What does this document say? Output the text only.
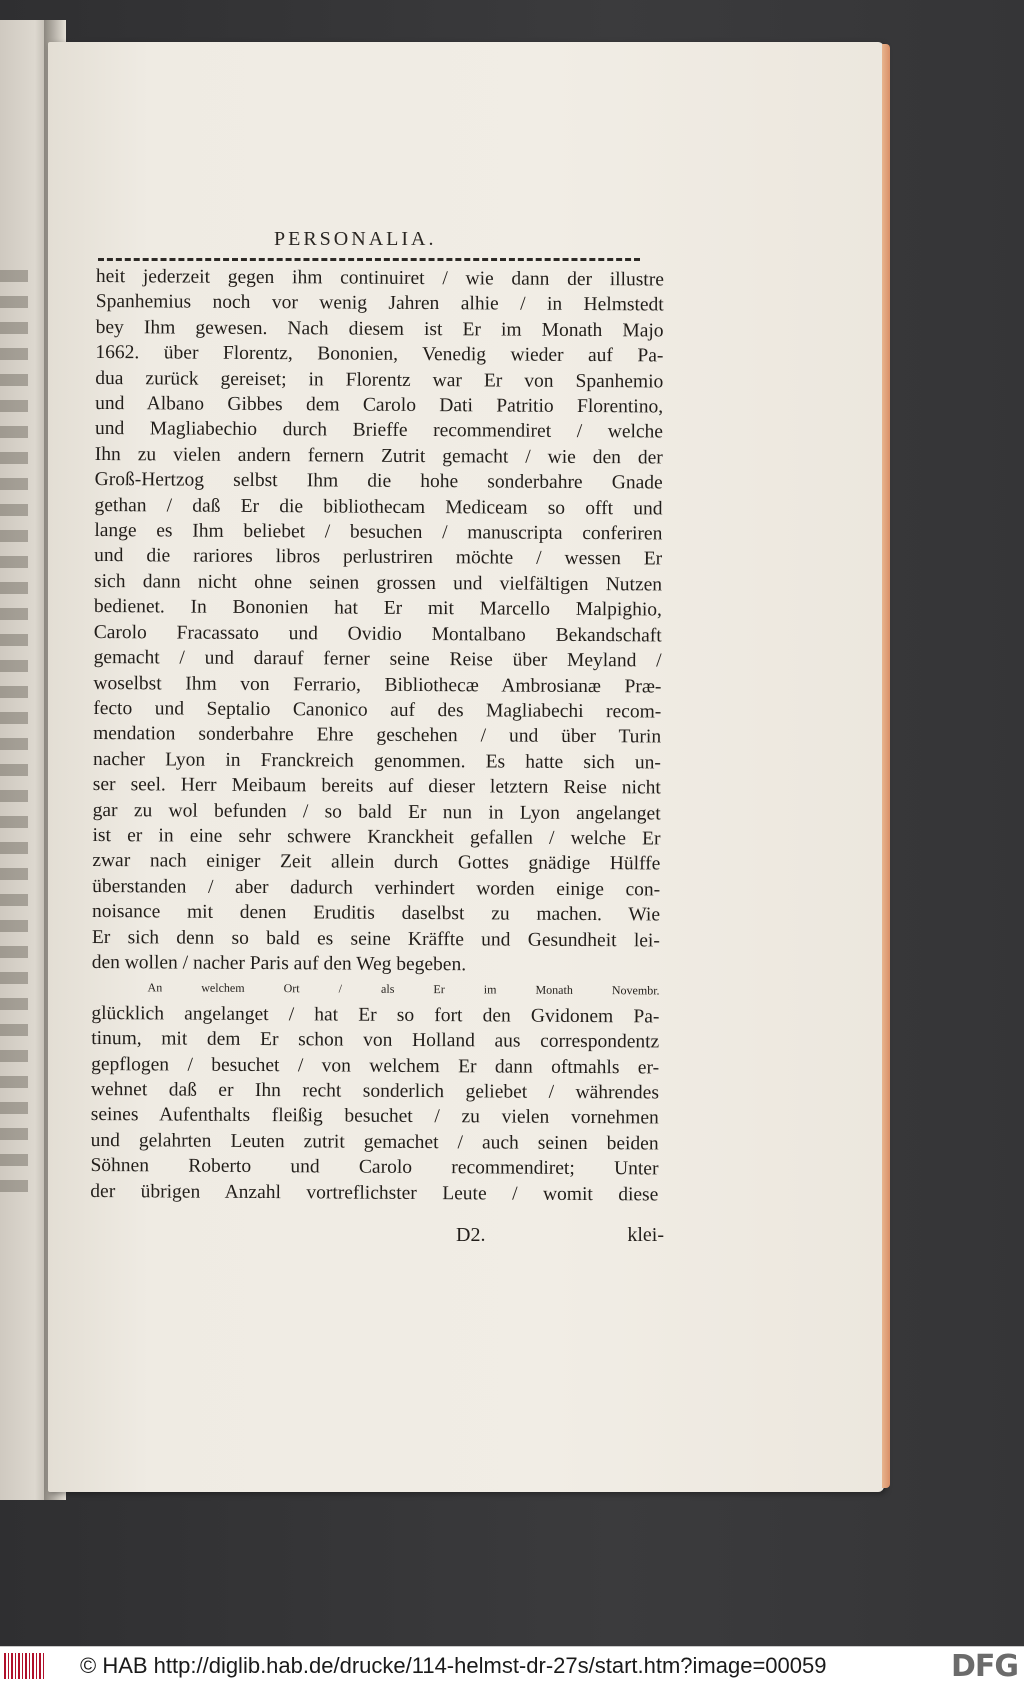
PERSONALIA.
heit jederzeit gegen ihm continuiret / wie dann der illustre
Spanhemius noch vor wenig Jahren alhie / in Helmstedt
bey Ihm gewesen. Nach diesem ist Er im Monath Majo
1662. über Florentz, Bononien, Venedig wieder auf Pa-
dua zurück gereiset; in Florentz war Er von Spanhemio
und Albano Gibbes dem Carolo Dati Patritio Florentino,
und Magliabechio durch Brieffe recommendiret / welche
Ihn zu vielen andern fernern Zutrit gemacht / wie den der
Groß-Hertzog selbst Ihm die hohe sonderbahre Gnade
gethan / daß Er die bibliothecam Mediceam so offt und
lange es Ihm beliebet / besuchen / manuscripta conferiren
und die rariores libros perlustriren möchte / wessen Er
sich dann nicht ohne seinen grossen und vielfältigen Nutzen
bedienet. In Bononien hat Er mit Marcello Malpighio,
Carolo Fracassato und Ovidio Montalbano Bekandschaft
gemacht / und darauf ferner seine Reise über Meyland /
woselbst Ihm von Ferrario, Bibliothecæ Ambrosianæ Præ-
fecto und Septalio Canonico auf des Magliabechi recom-
mendation sonderbahre Ehre geschehen / und über Turin
nacher Lyon in Franckreich genommen. Es hatte sich un-
ser seel. Herr Meibaum bereits auf dieser letztern Reise nicht
gar zu wol befunden / so bald Er nun in Lyon angelanget
ist er in eine sehr schwere Kranckheit gefallen / welche Er
zwar nach einiger Zeit allein durch Gottes gnädige Hülffe
überstanden / aber dadurch verhindert worden einige con-
noisance mit denen Eruditis daselbst zu machen. Wie
Er sich denn so bald es seine Kräffte und Gesundheit lei-
den wollen / nacher Paris auf den Weg begeben.
An welchem Ort / als Er im Monath Novembr.
glücklich angelanget / hat Er so fort den Gvidonem Pa-
tinum, mit dem Er schon von Holland aus correspondentz
gepflogen / besuchet / von welchem Er dann oftmahls er-
wehnet daß er Ihn recht sonderlich geliebet / währendes
seines Aufenthalts fleißig besuchet / zu vielen vornehmen
und gelahrten Leuten zutrit gemachet / auch seinen beiden
Söhnen Roberto und Carolo recommendiret; Unter
der übrigen Anzahl vortreflichster Leute / womit diese
D2.	klei-
© HAB http://diglib.hab.de/drucke/114-helmst-dr-27s/start.htm?image=00059	DFG
